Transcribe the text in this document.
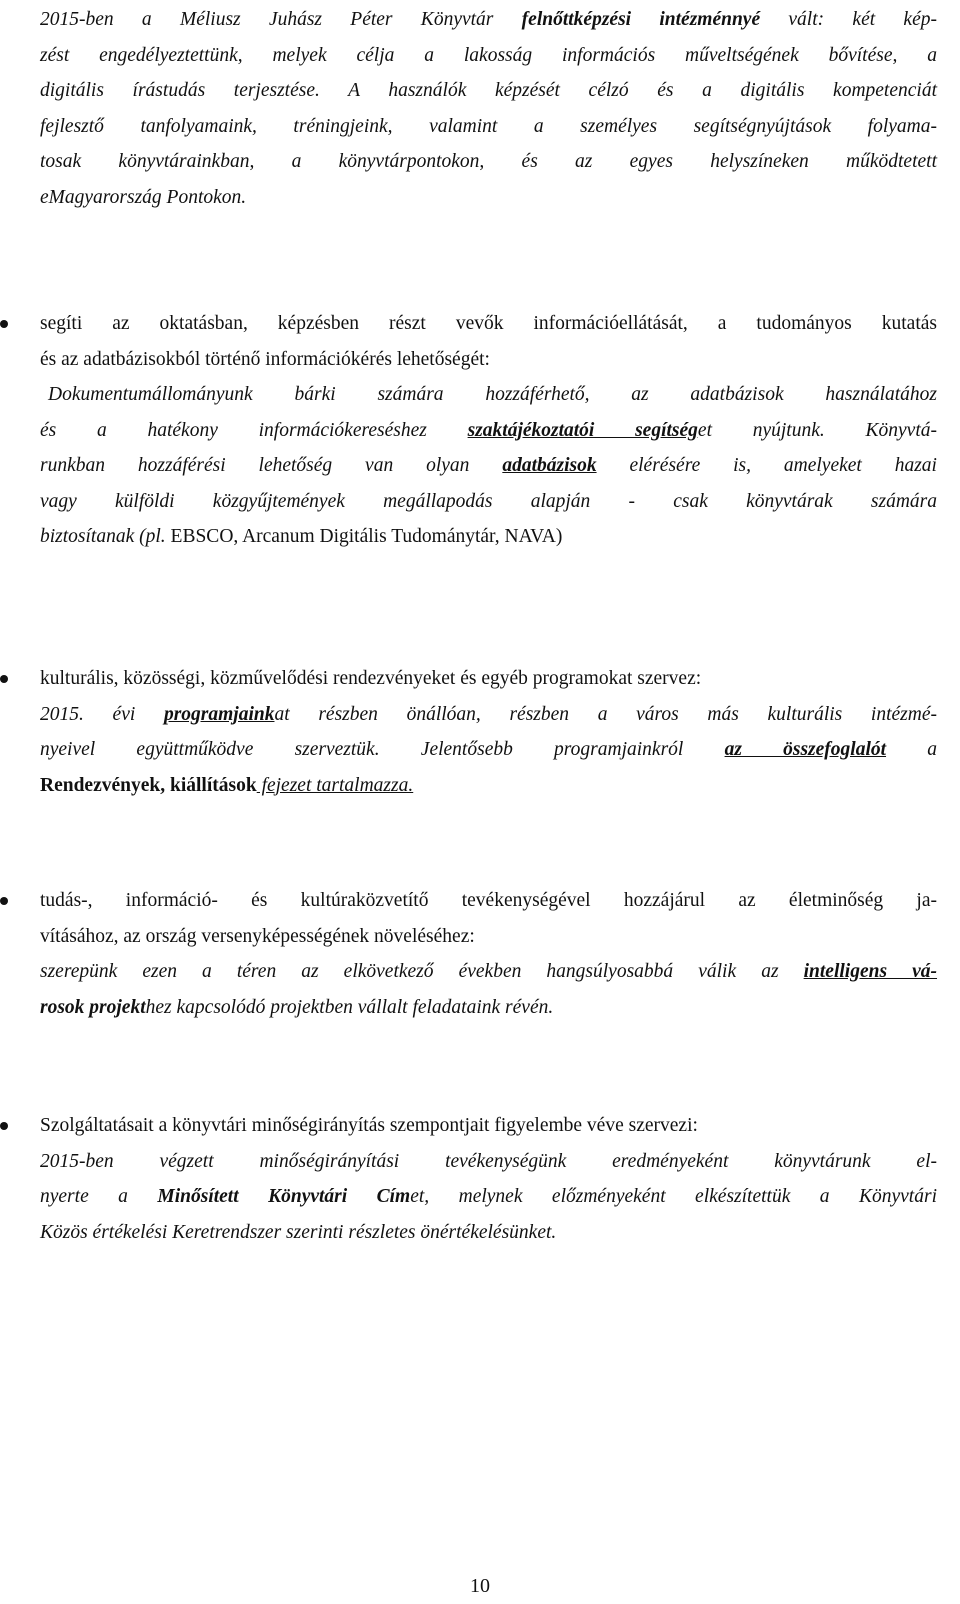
2015-ben a Méliusz Juhász Péter Könyvtár felnőttképzési intézménnyé vált: két kép-
zést engedélyeztettünk, melyek célja a lakosság információs műveltségének bővítése, a
digitális írástudás terjesztése. A használók képzését célzó és a digitális kompetenciát
fejlesztő tanfolyamaink, tréningjeink, valamint a személyes segítségnyújtások folyama-
tosak könyvtárainkban, a könyvtárpontokon, és az egyes helyszíneken működtetett
eMagyarország Pontokon.
segíti az oktatásban, képzésben részt vevők információellátását, a tudományos kutatás
és az adatbázisokból történő információkérés lehetőségét:
Dokumentumállományunk bárki számára hozzáférhető, az adatbázisok használatához
és a hatékony információkereséshez szaktájékoztatói segítséget nyújtunk. Könyvtá-
runkban hozzáférési lehetőség van olyan adatbázisok elérésére is, amelyeket hazai
vagy külföldi közgyűjtemények megállapodás alapján - csak könyvtárak számára
biztosítanak (pl. EBSCO, Arcanum Digitális Tudománytár, NAVA)
kulturális, közösségi, közművelődési rendezvényeket és egyéb programokat szervez:
2015. évi programjainkat részben önállóan, részben a város más kulturális intézmé-
nyeivel együttműködve szerveztük. Jelentősebb programjainkról az összefoglalót a
Rendezvények, kiállítások fejezet tartalmazza.
tudás-, információ- és kultúraközvetítő tevékenységével hozzájárul az életminőség ja-
vításához, az ország versenyképességének növeléséhez:
szerepünk ezen a téren az elkövetkező években hangsúlyosabbá válik az intelligens vá-
rosok projekthez kapcsolódó projektben vállalt feladataink révén.
Szolgáltatásait a könyvtári minőségirányítás szempontjait figyelembe véve szervezi:
2015-ben végzett minőségirányítási tevékenységünk eredményeként könyvtárunk el-
nyerte a Minősített Könyvtári Címet, melynek előzményeként elkészítettük a Könyvtári
Közös értékelési Keretrendszer szerinti részletes önértékelésünket.
10
